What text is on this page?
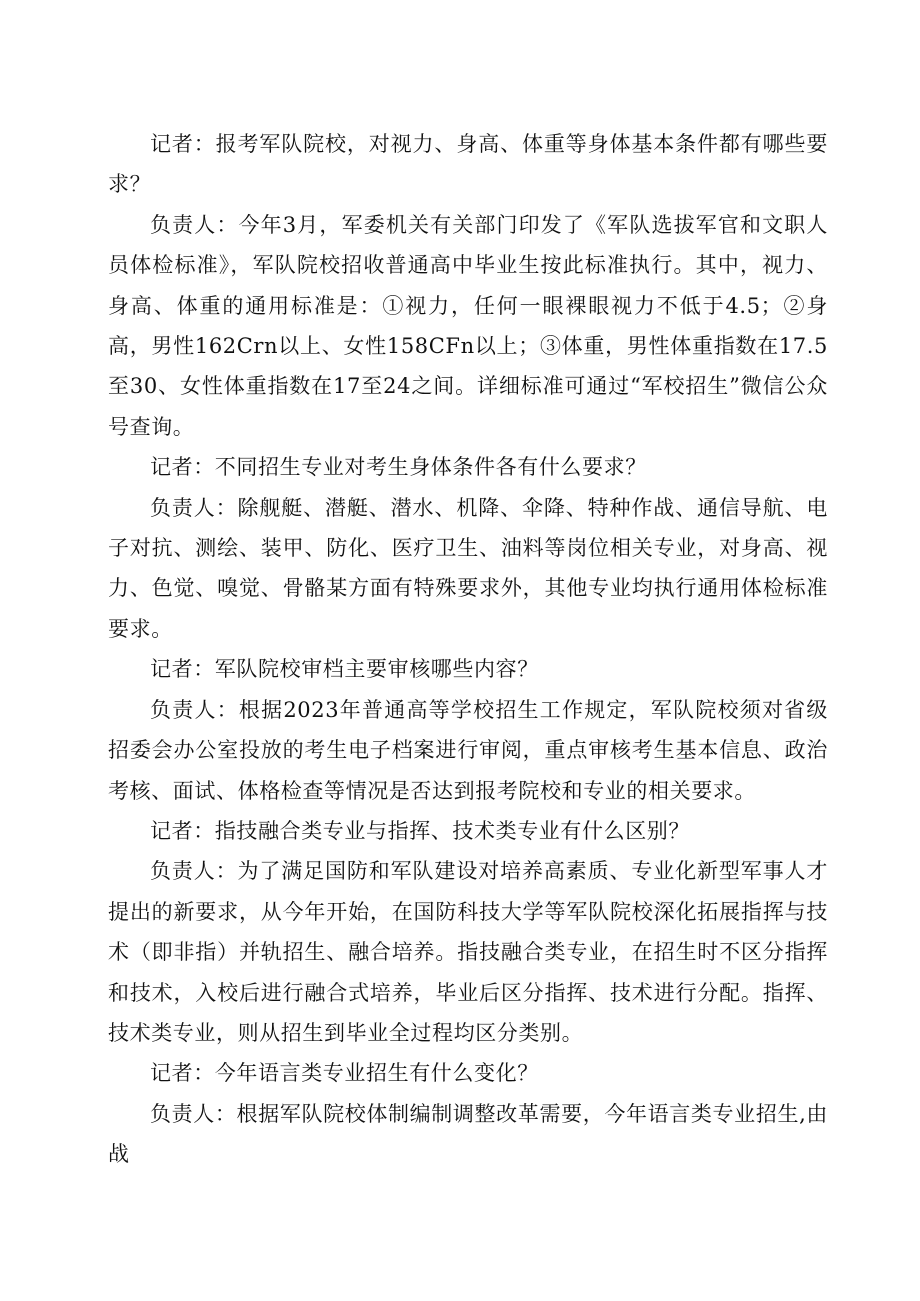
记者：报考军队院校，对视力、身高、体重等身体基本条件都有哪些要求？

负责人：今年3月，军委机关有关部门印发了《军队选拔军官和文职人员体检标准》，军队院校招收普通高中毕业生按此标准执行。其中，视力、身高、体重的通用标准是：①视力，任何一眼裸眼视力不低于4.5；②身高，男性162Crn以上、女性158CFn以上；③体重，男性体重指数在17.5至30、女性体重指数在17至24之间。详细标准可通过“军校招生”微信公众号查询。

记者：不同招生专业对考生身体条件各有什么要求？

负责人：除舰艇、潜艇、潜水、机降、伞降、特种作战、通信导航、电子对抗、测绘、装甲、防化、医疗卫生、油料等岗位相关专业，对身高、视力、色觉、嗅觉、骨骼某方面有特殊要求外，其他专业均执行通用体检标准要求。

记者：军队院校审档主要审核哪些内容？

负责人：根据2023年普通高等学校招生工作规定，军队院校须对省级招委会办公室投放的考生电子档案进行审阅，重点审核考生基本信息、政治考核、面试、体格检查等情况是否达到报考院校和专业的相关要求。

记者：指技融合类专业与指挥、技术类专业有什么区别？

负责人：为了满足国防和军队建设对培养高素质、专业化新型军事人才提出的新要求，从今年开始，在国防科技大学等军队院校深化拓展指挥与技术（即非指）并轨招生、融合培养。指技融合类专业，在招生时不区分指挥和技术，入校后进行融合式培养，毕业后区分指挥、技术进行分配。指挥、技术类专业，则从招生到毕业全过程均区分类别。

记者：今年语言类专业招生有什么变化？

负责人：根据军队院校体制编制调整改革需要，今年语言类专业招生,由战
